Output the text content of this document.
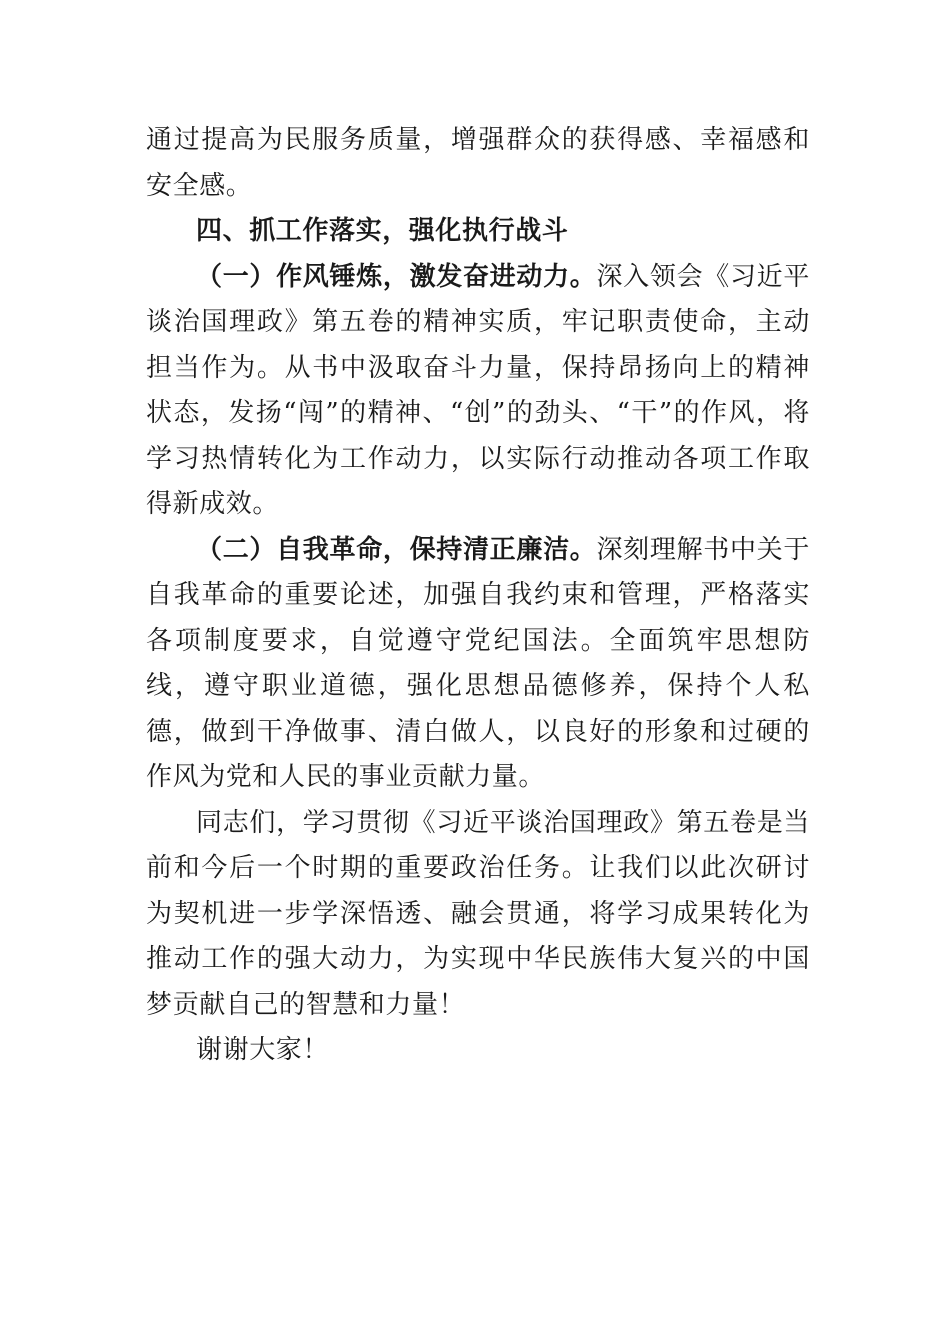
通过提高为民服务质量，增强群众的获得感、幸福感和安全感。

四、抓工作落实，强化执行战斗

（一）作风锤炼，激发奋进动力。深入领会《习近平谈治国理政》第五卷的精神实质，牢记职责使命，主动担当作为。从书中汲取奋斗力量，保持昂扬向上的精神状态，发扬“闯”的精神、“创”的劲头、“干”的作风，将学习热情转化为工作动力，以实际行动推动各项工作取得新成效。

（二）自我革命，保持清正廉洁。深刻理解书中关于自我革命的重要论述，加强自我约束和管理，严格落实各项制度要求，自觉遵守党纪国法。全面筑牢思想防线，遵守职业道德，强化思想品德修养，保持个人私德，做到干净做事、清白做人，以良好的形象和过硬的作风为党和人民的事业贡献力量。

同志们，学习贯彻《习近平谈治国理政》第五卷是当前和今后一个时期的重要政治任务。让我们以此次研讨为契机进一步学深悟透、融会贯通，将学习成果转化为推动工作的强大动力，为实现中华民族伟大复兴的中国梦贡献自己的智慧和力量！

谢谢大家！
